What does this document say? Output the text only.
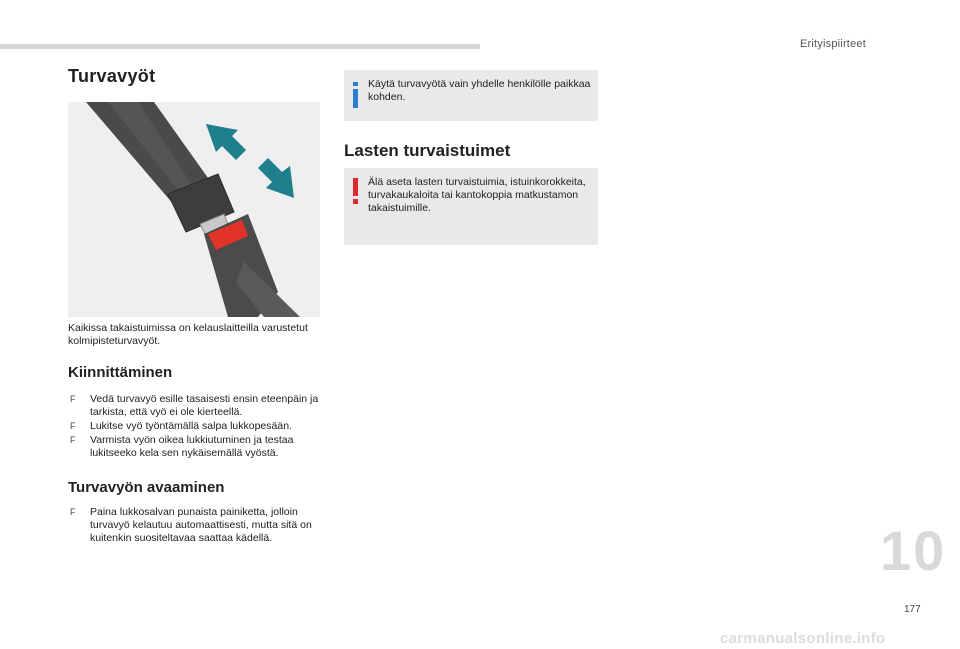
Erityispiirteet
Turvavyöt
Kaikissa takaistuimissa on kelauslaitteilla varustetut kolmipisteturvavyöt.
Kiinnittäminen
F Vedä turvavyö esille tasaisesti ensin eteenpäin ja tarkista, että vyö ei ole kierteellä.
F Lukitse vyö työntämällä salpa lukkopesään.
F Varmista vyön oikea lukkiutuminen ja testaa lukitseeko kela sen nykäisemällä vyöstä.
Turvavyön avaaminen
F Paina lukkosalvan punaista painiketta, jolloin turvavyö kelautuu automaattisesti, mutta sitä on kuitenkin suositeltavaa saattaa kädellä.
Käytä turvavyötä vain yhdelle henkilölle paikkaa kohden.
Lasten turvaistuimet
Älä aseta lasten turvaistuimia, istuinkorokkeita, turvakaukaloita tai kantokoppia matkustamon takaistuimille.
10
177
carmanualsonline.info
